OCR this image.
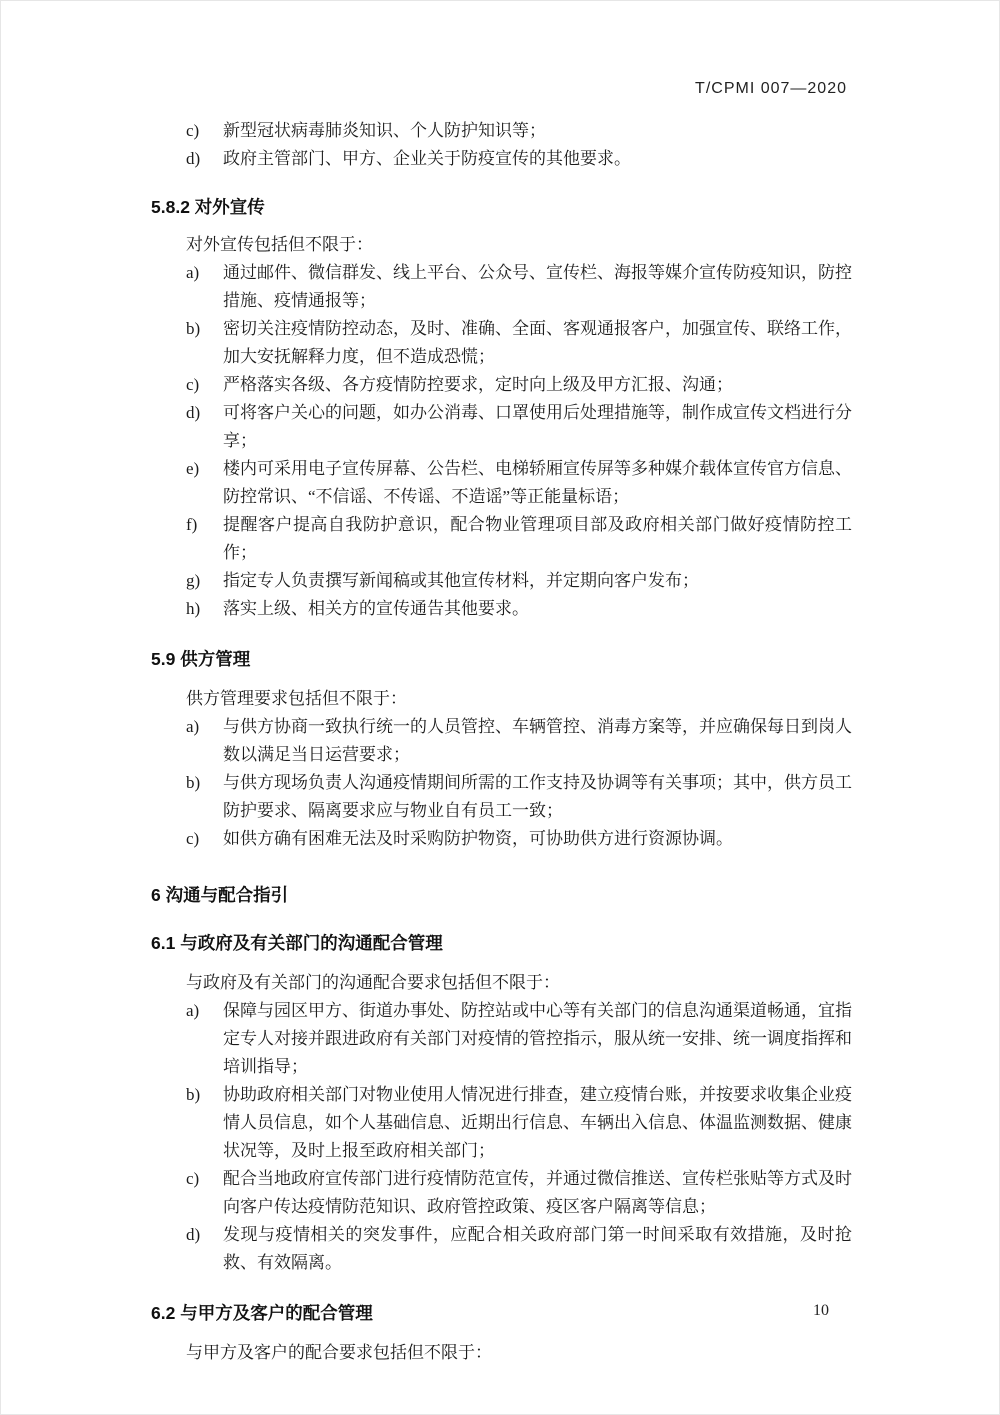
T/CPMI 007—2020
c)	新型冠状病毒肺炎知识、个人防护知识等；
d)	政府主管部门、甲方、企业关于防疫宣传的其他要求。
5.8.2 对外宣传

对外宣传包括但不限于：

a)	通过邮件、微信群发、线上平台、公众号、宣传栏、海报等媒介宣传防疫知识，防控措施、疫情通报等；
b)	密切关注疫情防控动态，及时、准确、全面、客观通报客户，加强宣传、联络工作，加大安抚解释力度，但不造成恐慌；
c)	严格落实各级、各方疫情防控要求，定时向上级及甲方汇报、沟通；
d)	可将客户关心的问题，如办公消毒、口罩使用后处理措施等，制作成宣传文档进行分享；
e)	楼内可采用电子宣传屏幕、公告栏、电梯轿厢宣传屏等多种媒介载体宣传官方信息、防控常识、“不信谣、不传谣、不造谣”等正能量标语；
f)	提醒客户提高自我防护意识，配合物业管理项目部及政府相关部门做好疫情防控工作；
g)	指定专人负责撰写新闻稿或其他宣传材料，并定期向客户发布；
h)	落实上级、相关方的宣传通告其他要求。
5.9 供方管理

供方管理要求包括但不限于：

a)	与供方协商一致执行统一的人员管控、车辆管控、消毒方案等，并应确保每日到岗人数以满足当日运营要求；
b)	与供方现场负责人沟通疫情期间所需的工作支持及协调等有关事项；其中，供方员工防护要求、隔离要求应与物业自有员工一致；
c)	如供方确有困难无法及时采购防护物资，可协助供方进行资源协调。
6 沟通与配合指引
6.1 与政府及有关部门的沟通配合管理

与政府及有关部门的沟通配合要求包括但不限于：

a)	保障与园区甲方、街道办事处、防控站或中心等有关部门的信息沟通渠道畅通，宜指定专人对接并跟进政府有关部门对疫情的管控指示，服从统一安排、统一调度指挥和培训指导；
b)	协助政府相关部门对物业使用人情况进行排查，建立疫情台账，并按要求收集企业疫情人员信息，如个人基础信息、近期出行信息、车辆出入信息、体温监测数据、健康状况等，及时上报至政府相关部门；
c)	配合当地政府宣传部门进行疫情防范宣传，并通过微信推送、宣传栏张贴等方式及时向客户传达疫情防范知识、政府管控政策、疫区客户隔离等信息；
d)	发现与疫情相关的突发事件，应配合相关政府部门第一时间采取有效措施，及时抢救、有效隔离。
6.2 与甲方及客户的配合管理

与甲方及客户的配合要求包括但不限于：

10
